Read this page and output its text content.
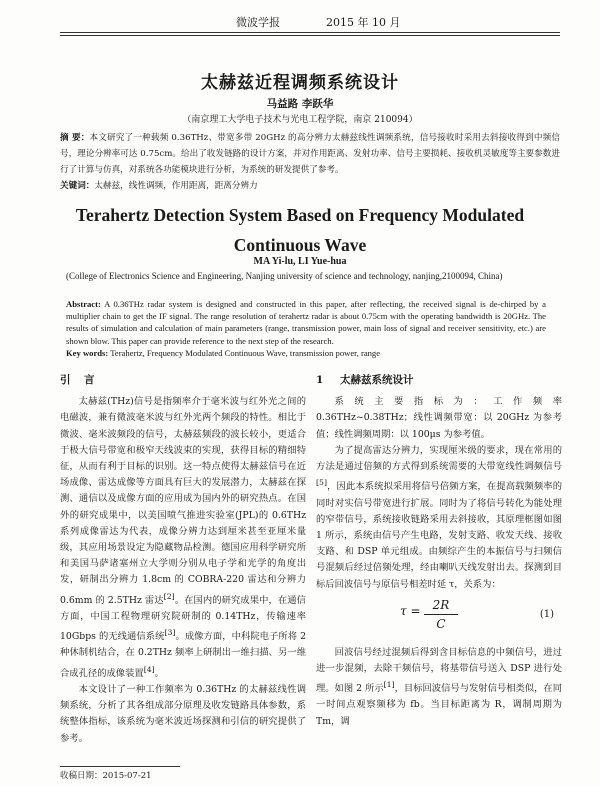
微波学报	2015 年 10 月
太赫兹近程调频系统设计
马益路 李跃华
（南京理工大学电子技术与光电工程学院，南京 210094）
摘 要：本文研究了一种载频 0.36THz、带宽多带 20GHz 的高分辨力太赫兹线性调频系统，信号接收时采用去斜接收得到中频信号，理论分辨率可达 0.75cm。给出了收发链路的设计方案，并对作用距离、发射功率、信号主要损耗、接收机灵敏度等主要参数进行了计算与仿真，对系统各功能模块进行分析，为系统的研发提供了参考。
关键词：太赫兹，线性调频，作用距离，距离分辨力
Terahertz Detection System Based on Frequency Modulated Continuous Wave
MA Yi-lu, LI Yue-hua
(College of Electronics Science and Engineering, Nanjing university of science and technology, nanjing,2100094, China)
Abstract: A 0.36THz radar system is designed and constructed in this paper, after reflecting, the received signal is de-chirped by a multiplier chain to get the IF signal. The range resolution of terahertz radar is about 0.75cm with the operating bandwidth is 20GHz. The results of simulation and calculation of main parameters (range, transmission power, main loss of signal and receiver sensitivity, etc.) are shown blow. This paper can provide reference to the next step of the research.
Key words: Terahertz, Frequency Modulated Continuous Wave, transmission power, range
引 言

太赫兹(THz)信号是指频率介于毫米波与红外光之间的电磁波，兼有微波毫米波与红外光两个频段的特性。相比于微波、毫米波频段的信号，太赫兹频段的波长较小，更适合于极大信号带宽和极窄天线波束的实现，获得目标的精细特征，从而有利于目标的识别。这一特点使得太赫兹信号在近场成像、雷达成像等方面具有巨大的发展潜力，太赫兹在探测、通信以及成像方面的应用成为国内外的研究热点。在国外的研究成果中，以美国喷气推进实验室(JPL)的 0.6THz 系列成像雷达为代表，成像分辨力达到厘米甚至亚厘米量级，其应用场景设定为隐藏物品检测。德国应用科学研究所和美国马萨诸塞州立大学则分别从电子学和光学的角度出发，研制出分辨力 1.8cm 的 COBRA-220 雷达和分辨力 0.6mm 的 2.5THz 雷达[2]。在国内的研究成果中，在通信方面，中国工程物理研究院研制的 0.14THz，传输速率 10Gbps 的无线通信系统[3]。成像方面，中科院电子所将 2 种休制机结合，在 0.2THz 频率上研制出一维扫描、另一维合成孔径的成像装置[4]。

本文设计了一种工作频率为 0.36THz 的太赫兹线性调频系统，分析了其各组成部分原理及收发链路具体参数，系统整体指标，该系统为毫米波近场探测和引信的研究提供了参考。

1 太赫兹系统设计

系 统 主 要 指 标 为 ： 工 作 频 率 0.36THz~0.38THz；线性调频带宽：以 20GHz 为参考值；线性调频周期：以 100μs 为参考值。

为了提高雷达分辨力，实现厘米级的要求，现在常用的方法是通过倍频的方式得到系统需要的大带宽线性调频信号[5]，因此本系统拟采用将信号倍频方案，在提高载频频率的同时对实信号带宽进行扩展。同时为了将信号转化为能处理的窄带信号，系统接收链路采用去斜接收，其原理框图如图 1 所示，系统由信号产生电路，发射支路、收发天线、接收支路、和 DSP 单元组成。由频综产生的本振信号与扫频信号混频后经过倍频处理，经由喇叭天线发射出去。探测到目标后回波信号与原信号相差时延 τ，关系为：

τ =	2R
C
(1)

回波信号经过混频后得到含目标信息的中频信号，进过进一步混频，去除干频信号，将基带信号送入 DSP 进行处理。如图 2 所示[1]，目标回波信号与发射信号相类似，在同一时间点观察频移为 fb。当目标距离为 R，调制周期为 Tm，调

收稿日期：2015-07-21
